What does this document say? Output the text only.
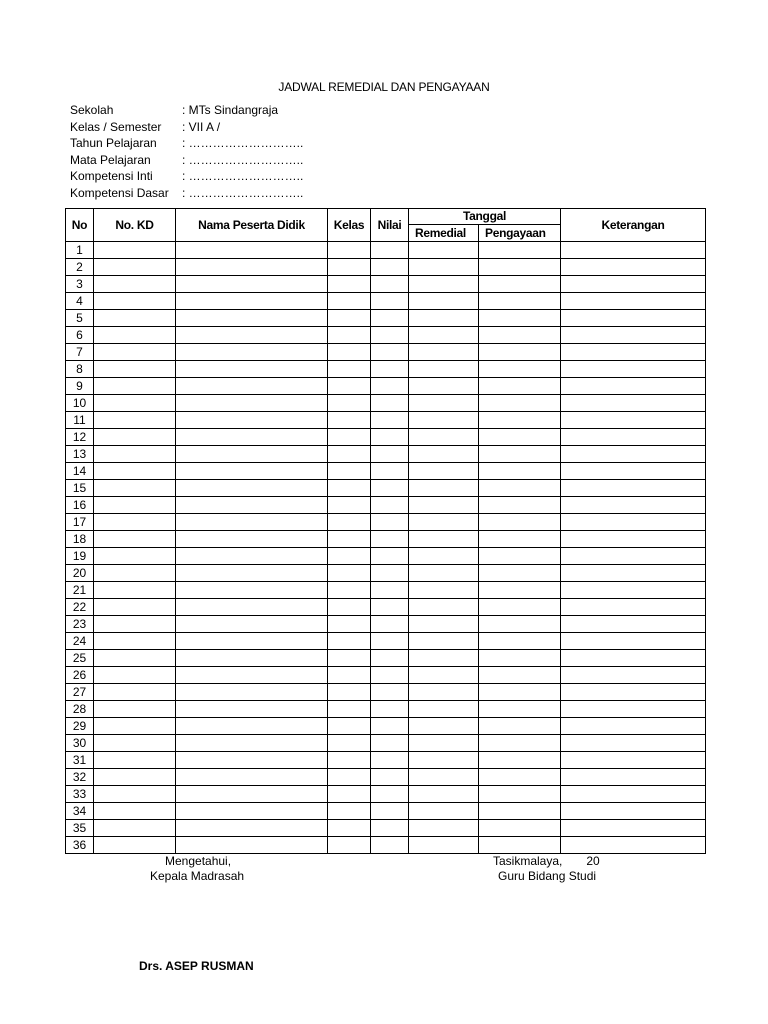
JADWAL REMEDIAL DAN PENGAYAAN
Sekolah	: MTs Sindangraja
Kelas / Semester	: VII A /
Tahun Pelajaran	: ………………………..
Mata Pelajaran	: ………………………..
Kompetensi Inti	: ………………………..
Kompetensi Dasar	: ………………………..
No	No. KD	Nama Peserta Didik	Kelas	Nilai	Tanggal		Keterangan
					Remedial	Pengayaan	
1							
2							
3							
4							
5							
6							
7							
8							
9							
10							
11							
12							
13							
14							
15							
16							
17							
18							
19							
20							
21							
22							
23							
24							
25							
26							
27							
28							
29							
30							
31							
32							
33							
34							
35							
36							
Mengetahui,
Kepala Madrasah
Tasikmalaya, 20
Guru Bidang Studi
Drs. ASEP RUSMAN
